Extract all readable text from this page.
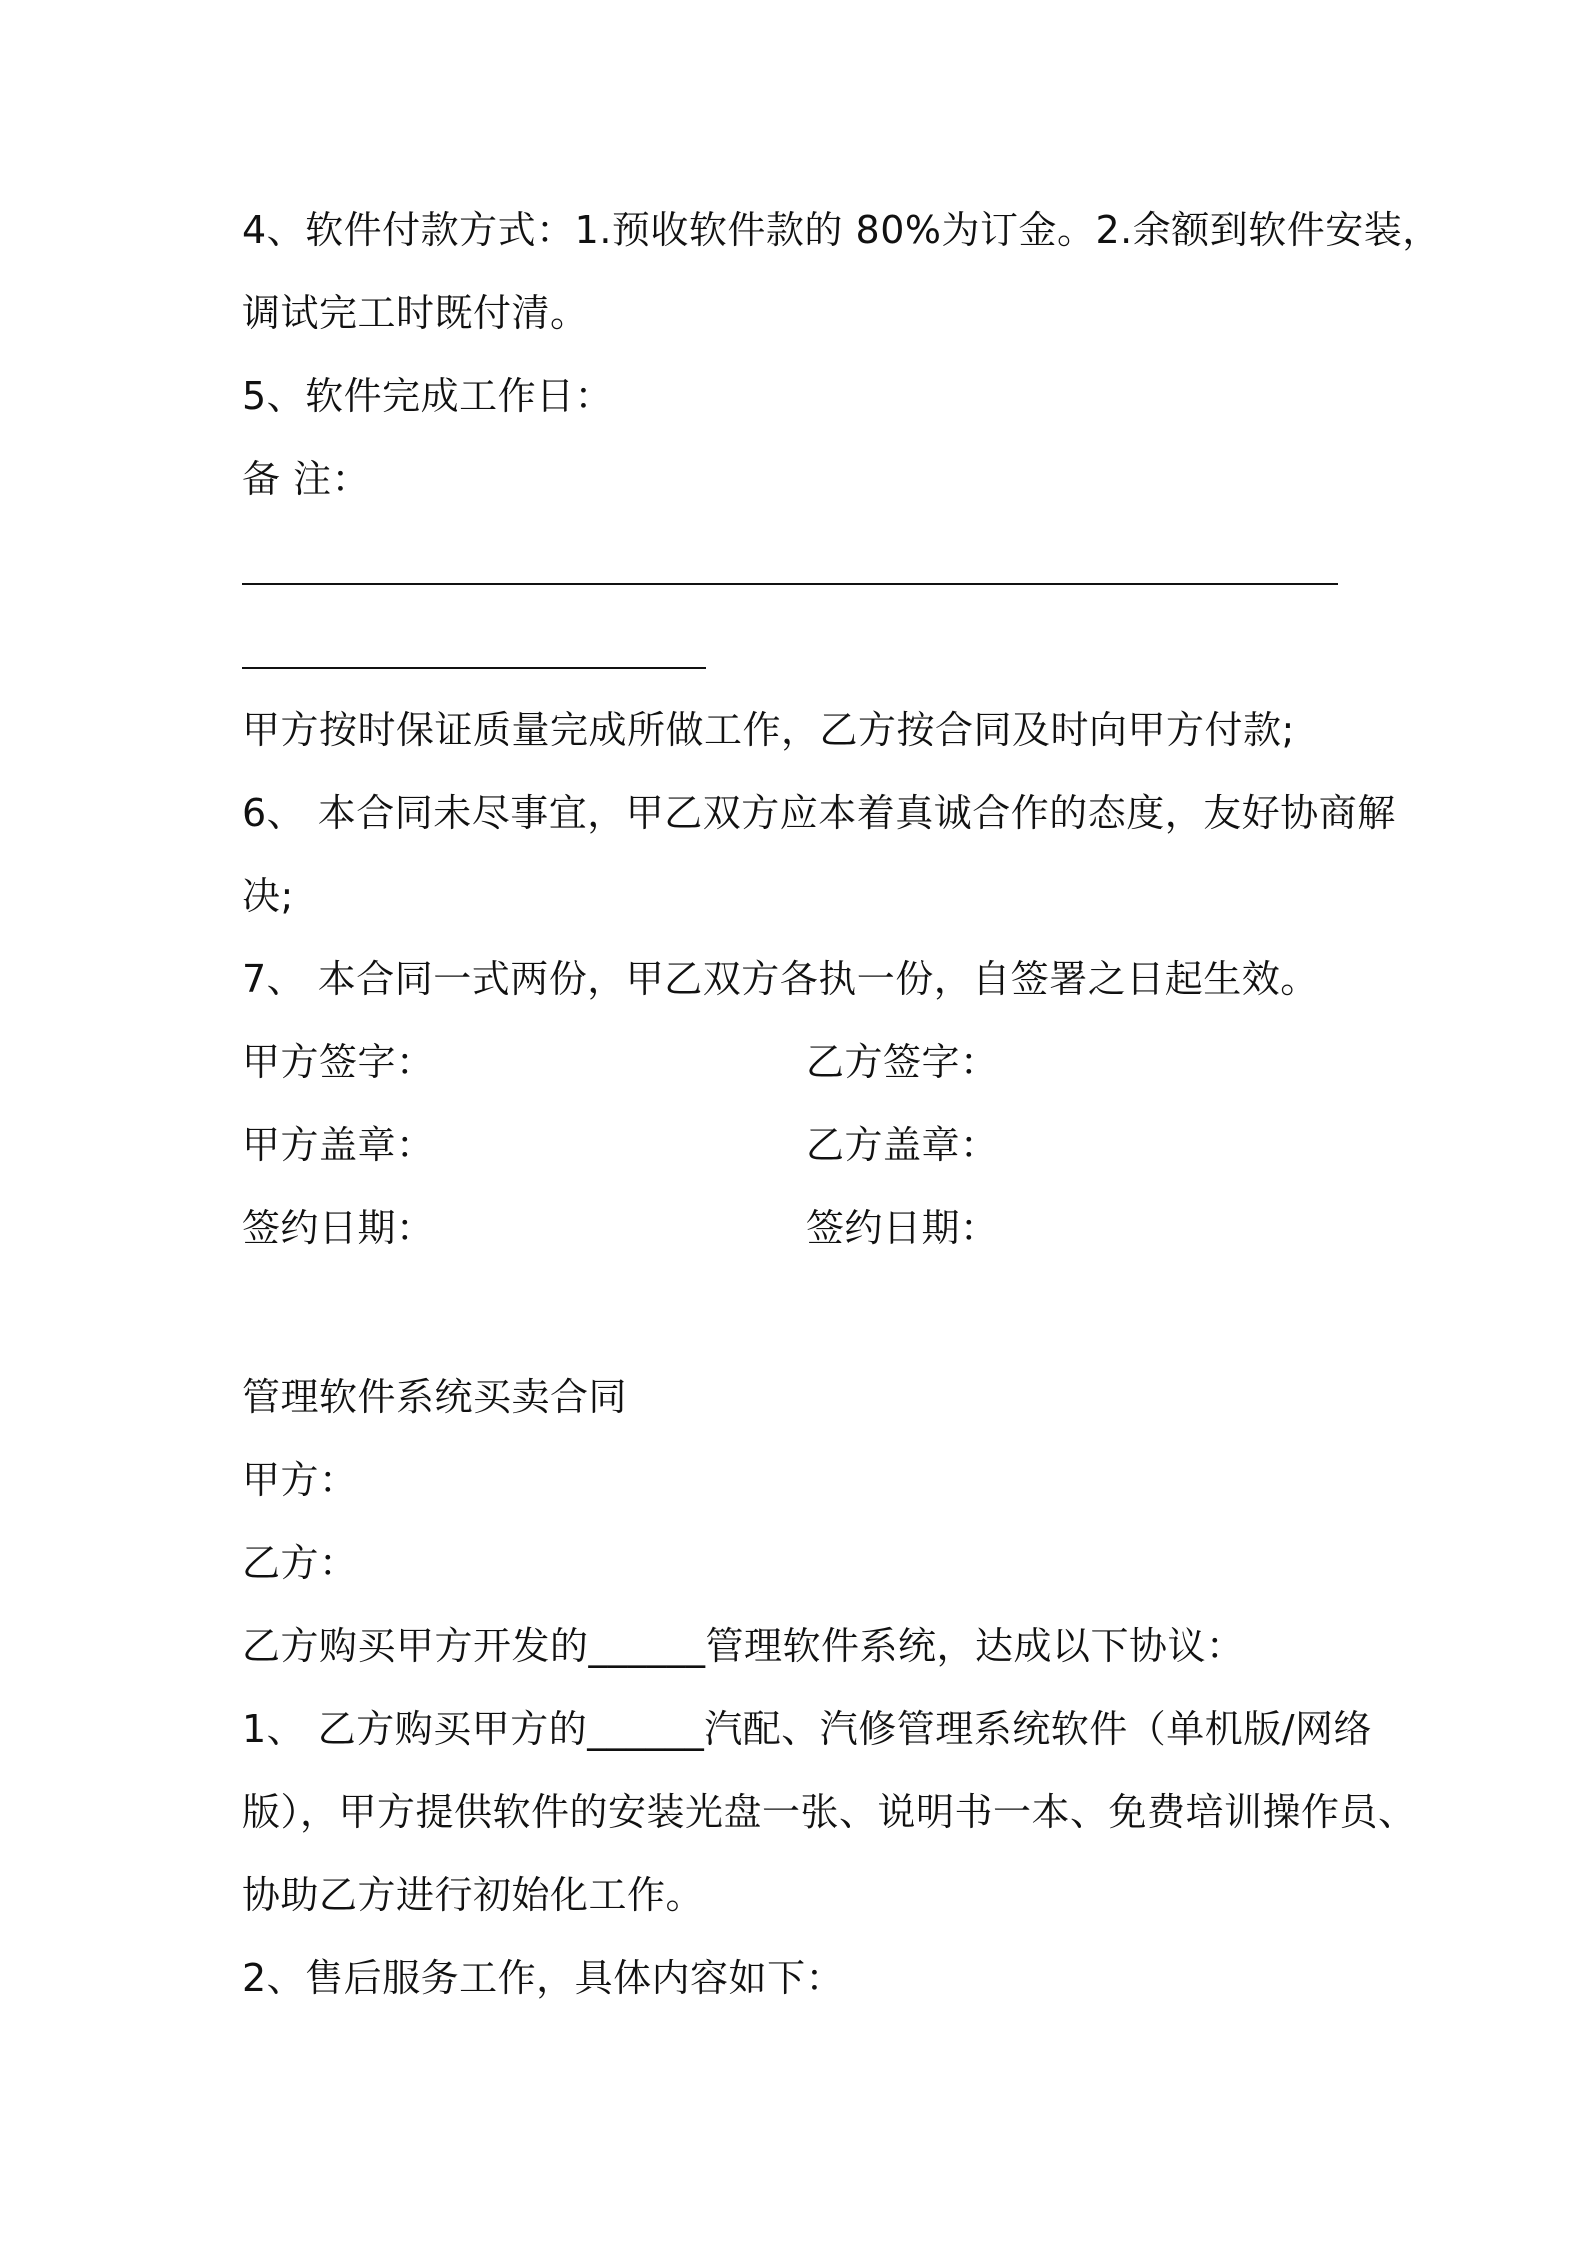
4、软件付款方式：1.预收软件款的 80%为订金。2.余额到软件安装，
调试完工时既付清。
5、软件完成工作日：
备 注：
甲方按时保证质量完成所做工作，乙方按合同及时向甲方付款;
6、 本合同未尽事宜，甲乙双方应本着真诚合作的态度，友好协商解
决;
7、 本合同一式两份，甲乙双方各执一份，自签署之日起生效。
甲方签字：	乙方签字：
甲方盖章：	乙方盖章：
签约日期：	签约日期：
管理软件系统买卖合同
甲方：
乙方：
乙方购买甲方开发的______管理软件系统，达成以下协议：
1、 乙方购买甲方的______汽配、汽修管理系统软件（单机版/网络
版），甲方提供软件的安装光盘一张、说明书一本、免费培训操作员、
协助乙方进行初始化工作。
2、售后服务工作，具体内容如下：
